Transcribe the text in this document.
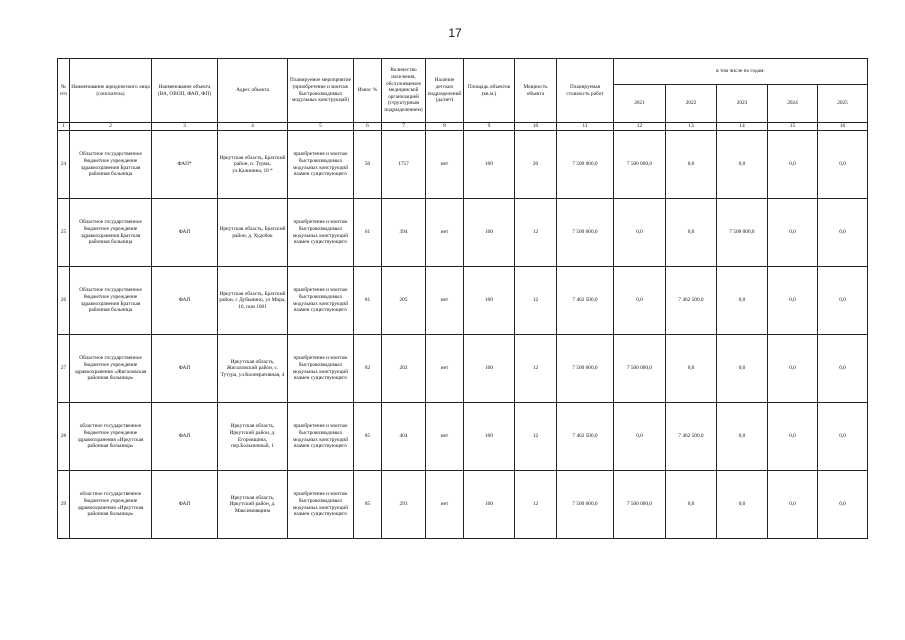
17
№ п/п	Наименование юридического лица (соискатель)	Наименование объекта (ВА, ОВОП, ФАП, ФП)	Адрес объекта	Планируемое мероприятие (приобретение и монтаж быстровозводимых модульных конструкций)	Износ %	Количество населения, обслуживаемое медицинской организацией (структурным подразделением)	Наличие детских подразделений (да/нет)	Площадь объектов (кв.м.)	Мощность объекта	Планируемая стоимость работ	в том числе по годам:				
											2021	2022	2023	2024	2025
1	2	3	4	5	6	7	8	9	10	11	12	13	14	15	16
24	Областное государственное бюджетное учреждение здравоохранения Братская районная больница	ФАП*	Иркутская область, Братский район, п. Турма, ул.Калинина, 18 *	приобретение и монтаж быстровозводимых модульных конструкций взамен существующего	50	1757	нет	100	20	7 500 000,0	7 500 000,0	0,0	0,0	0,0	0,0
25	Областное государственное бюджетное учреждение здравоохранения Братская районная больница	ФАП	Иркутская область, Братский район, д. Худобок	приобретение и монтаж быстровозводимых модульных конструкций взамен существующего	61	394	нет	100	12	7 500 000,0	0,0	0,0	7 500 000,0	0,0	0,0
26	Областное государственное бюджетное учреждение здравоохранения Братская районная больница	ФАП	Иркутская область, Братский район, с Дубынино, ул Мира, 10, пом 1001	приобретение и монтаж быстровозводимых модульных конструкций взамен существующего	81	205	нет	100	12	7 462 500,0	0,0	7 462 500,0	0,0	0,0	0,0
27	Областное государственное бюджетное учреждение здравоохранения «Жигаловская районная больница»	ФАП	Иркутская область, Жигаловский район, с. Тутура, ул.Кооперативная, 4	приобретение и монтаж быстровозводимых модульных конструкций взамен существующего	82	202	нет	100	12	7 500 000,0	7 500 000,0	0,0	0,0	0,0	0,0
28	областное государственное бюджетное учреждение здравоохранения «Иркутская районная больница»	ФАП	Иркутская область, Иркутский район, д. Егоровщина, пер.Больничный, 1	приобретение и монтаж быстровозводимых модульных конструкций взамен существующего	85	404	нет	100	12	7 462 500,0	0,0	7 462 500,0	0,0	0,0	0,0
29	областное государственное бюджетное учреждение здравоохранения «Иркутская районная больница»	ФАП	Иркутская область, Иркутский район, д. Максимовщина	приобретение и монтаж быстровозводимых модульных конструкций взамен существующего	85	293	нет	100	12	7 500 000,0	7 500 000,0	0,0	0,0	0,0	0,0
